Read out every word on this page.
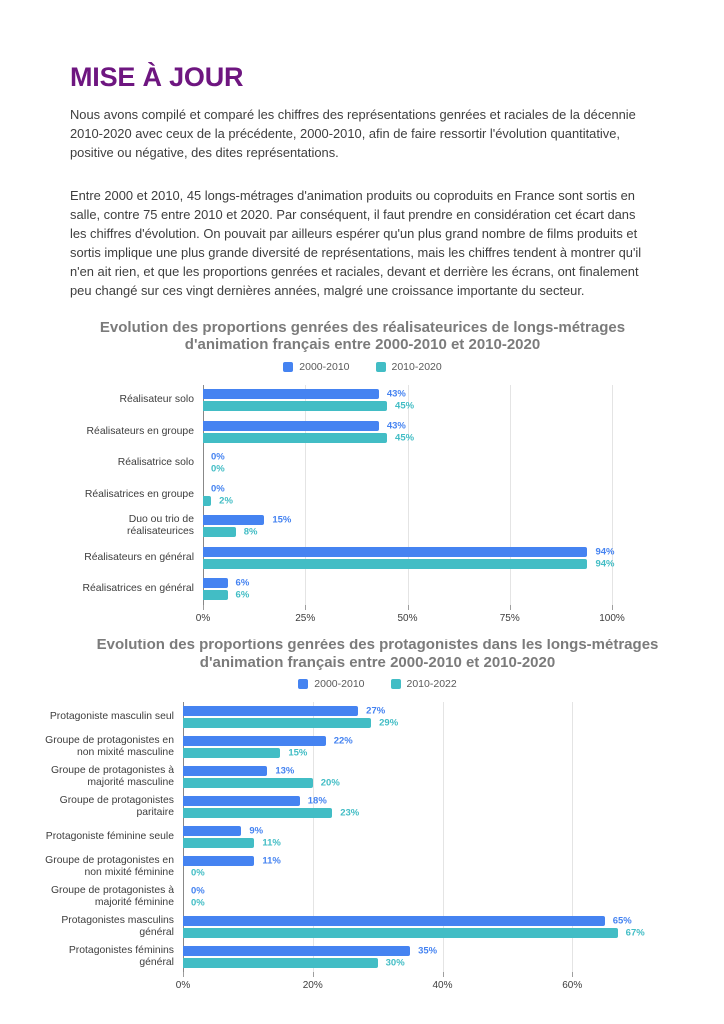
MISE À JOUR

Nous avons compilé et comparé les chiffres des représentations genrées et raciales de la décennie 2010-2020 avec ceux de la précédente, 2000-2010, afin de faire ressortir l'évolution quantitative, positive ou négative, des dites représentations.

Entre 2000 et 2010, 45 longs-métrages d'animation produits ou coproduits en France sont sortis en salle, contre 75 entre 2010 et 2020. Par conséquent, il faut prendre en considération cet écart dans les chiffres d'évolution. On pouvait par ailleurs espérer qu'un plus grand nombre de films produits et sortis implique une plus grande diversité de représentations, mais les chiffres tendent à montrer qu'il n'en ait rien, et que les proportions genrées et raciales, devant et derrière les écrans, ont finalement peu changé sur ces vingt dernières années, malgré une croissance importante du secteur.

Evolution des proportions genrées des réalisateurices de longs-métrages d'animation français entre 2000-2010 et 2010-2020
2000-2010	2010-2020
Réalisateur solo
Réalisateurs en groupe
Réalisatrice solo
Réalisatrices en groupe
Duo ou trio de réalisateurices
Réalisateurs en général
Réalisatrices en général
43%
45%
43%
45%
0%
0%
0%
2%
15%
8%
94%
94%
6%
6%
0%	25%	50%	75%	100%
Evolution des proportions genrées des protagonistes dans les longs-métrages d'animation français entre 2000-2010 et 2010-2020
2000-2010	2010-2022
Protagoniste masculin seul
Groupe de protagonistes en non mixité masculine
Groupe de protagonistes à majorité masculine
Groupe de protagonistes paritaire
Protagoniste féminine seule
Groupe de protagonistes en non mixité féminine
Groupe de protagonistes à majorité féminine
Protagonistes masculins général
Protagonistes féminins général
27%
29%
22%
15%
13%
20%
18%
23%
9%
11%
11%
0%
0%
0%
65%
67%
35%
30%
0%	20%	40%	60%
